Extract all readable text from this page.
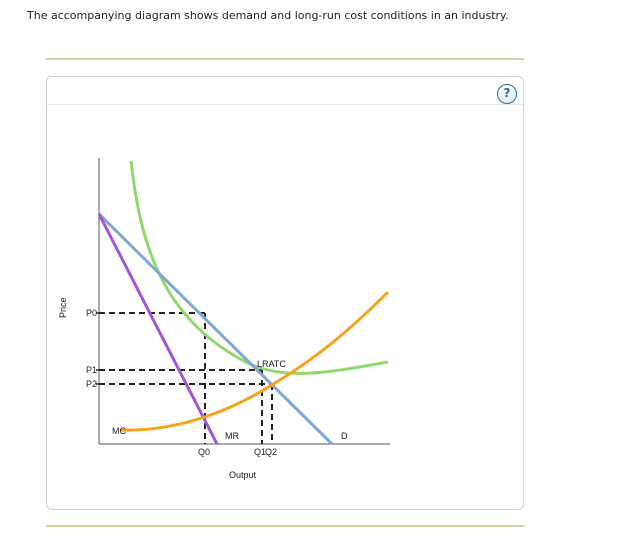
The accompanying diagram shows demand and long-run cost conditions in an industry.
?
P0
P1
P2
Q0	Q1
Q2
LRATC
MC	MR	D
Output
Price
